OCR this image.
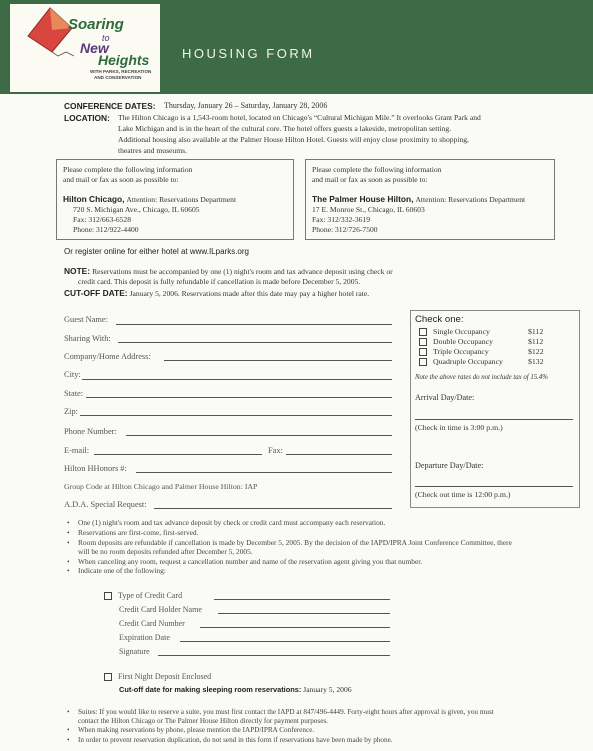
Soaring
to
New
Heights
WITH PARKS, RECREATION
AND CONSERVATION
HOUSING FORM
CONFERENCE DATES: Thursday, January 26 – Saturday, January 28, 2006
LOCATION: The Hilton Chicago is a 1,543-room hotel, located on Chicago's “Cultural Michigan Mile.” It overlooks Grant Park and
Lake Michigan and is in the heart of the cultural core. The hotel offers guests a lakeside, metropolitan setting.
Additional housing also available at the Palmer House Hilton Hotel. Guests will enjoy close proximity to shopping,
theatres and museums.
Please complete the following information
and mail or fax as soon as possible to:
Hilton Chicago, Attention: Reservations Department
720 S. Michigan Ave., Chicago, IL 60605
Fax: 312/663-6528
Phone: 312/922-4400
Please complete the following information
and mail or fax as soon as possible to:
The Palmer House Hilton, Attention: Reservations Department
17 E. Monroe St., Chicago, IL 60603
Fax: 312/332-3619
Phone: 312/726-7500
Or register online for either hotel at www.ILparks.org
NOTE: Reservations must be accompanied by one (1) night's room and tax advance deposit using check or
credit card. This deposit is fully refundable if cancellation is made before December 5, 2005.
CUT-OFF DATE: January 5, 2006. Reservations made after this date may pay a higher hotel rate.
Guest Name:
Sharing With:
Company/Home Address:
City:
State:
Zip:
Phone Number:
E-mail:	Fax:
Hilton HHonors #:
Group Code at Hilton Chicago and Palmer House Hilton: IAP
A.D.A. Special Request:
Check one:
Single Occupancy	$112
Double Occupancy	$112
Triple Occupancy	$122
Quadruple Occupancy	$132
Note the above rates do not include tax of 15.4%
Arrival Day/Date:
(Check in time is 3:00 p.m.)
Departure Day/Date:
(Check out time is 12:00 p.m.)
• One (1) night's room and tax advance deposit by check or credit card must accompany each reservation.
• Reservations are first-come, first-served.
• Room deposits are refundable if cancellation is made by December 5, 2005. By the decision of the IAPD/IPRA Joint Conference Committee, there will be no room deposits refunded after December 5, 2005.
• When canceling any room, request a cancellation number and name of the reservation agent giving you that number.
• Indicate one of the following:
Type of Credit Card
Credit Card Holder Name
Credit Card Number
Expiration Date
Signature
First Night Deposit Enclosed
Cut-off date for making sleeping room reservations: January 5, 2006
• Suites: If you would like to reserve a suite, you must first contact the IAPD at 847/496-4449. Forty-eight hours after approval is given, you must contact the Hilton Chicago or The Palmer House Hilton directly for payment purposes.
• When making reservations by phone, please mention the IAPD/IPRA Conference.
• In order to prevent reservation duplication, do not send in this form if reservations have been made by phone.
